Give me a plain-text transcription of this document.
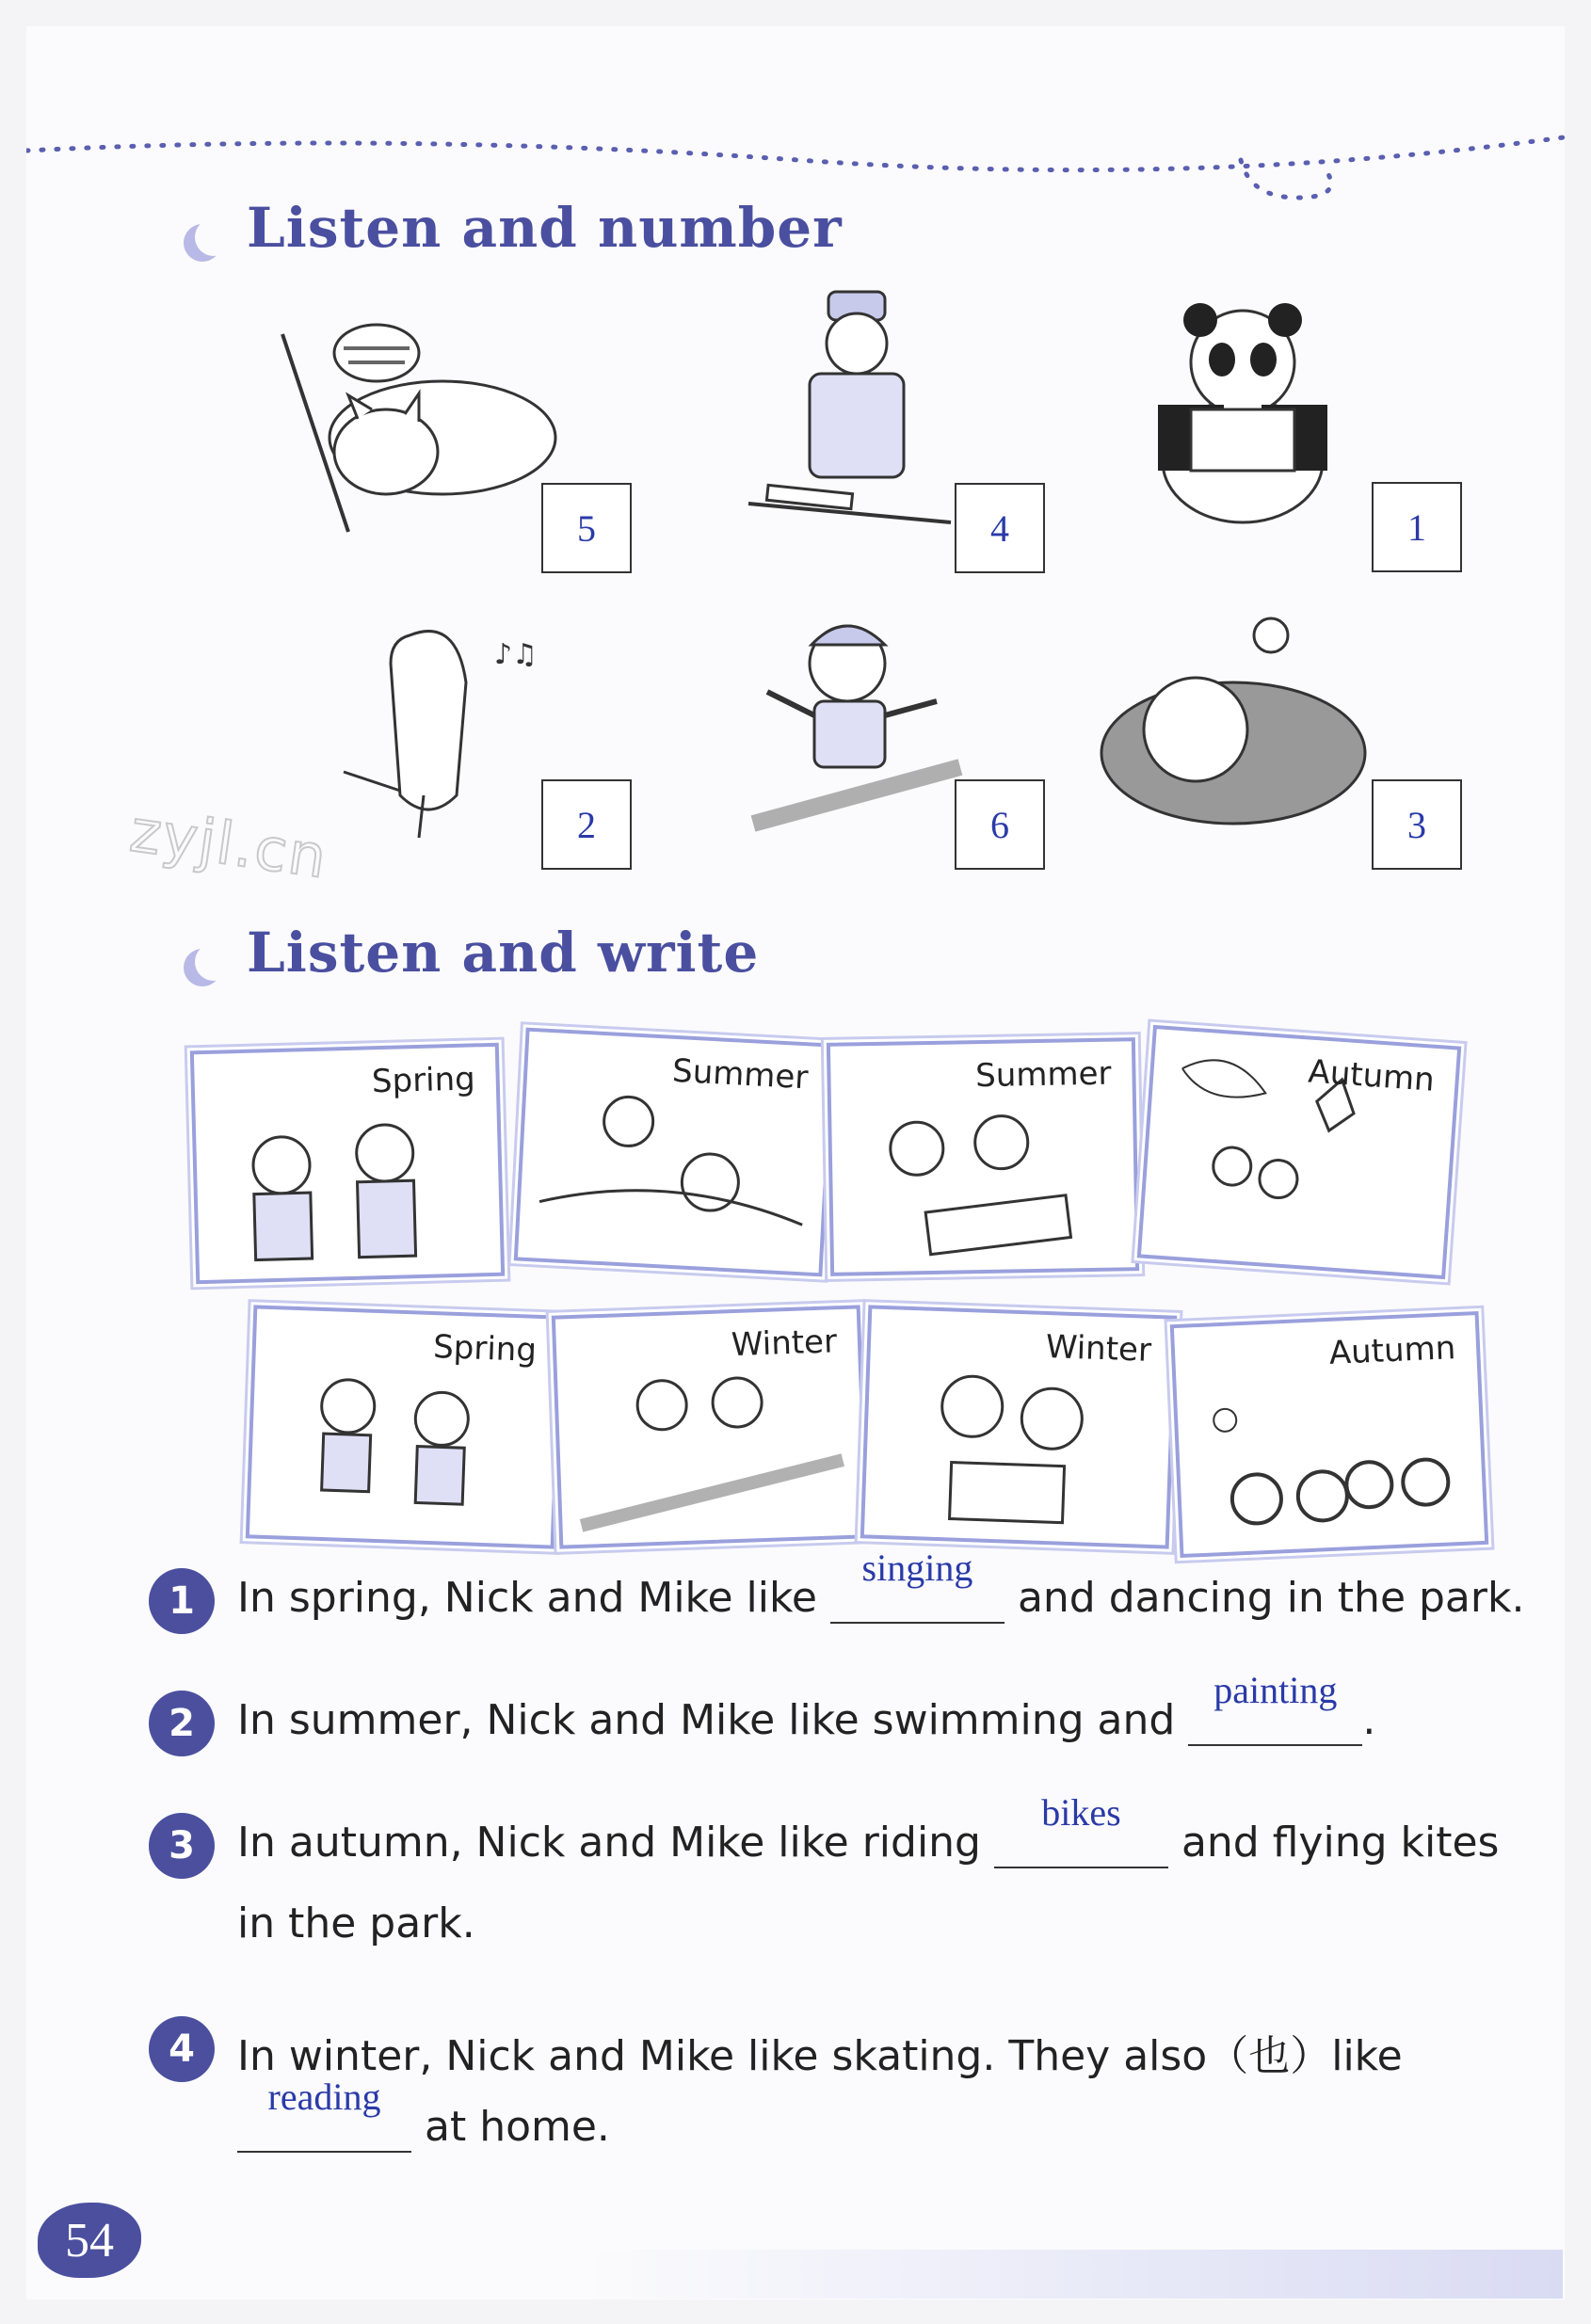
Listen and number
5	4	1
♪♫
2	6	3
zyjl.cn
Listen and write
Spring	Summer	Summer	Autumn
Spring	Winter	Winter	Autumn
1	In spring, Nick and Mike like
singing
and dancing in the park.
2	In summer, Nick and Mike like swimming and
painting
.
3	In autumn, Nick and Mike like riding
bikes
and flying kites
in the park.
4	In winter, Nick and Mike like skating. They also（也）like
reading
at home.
54
